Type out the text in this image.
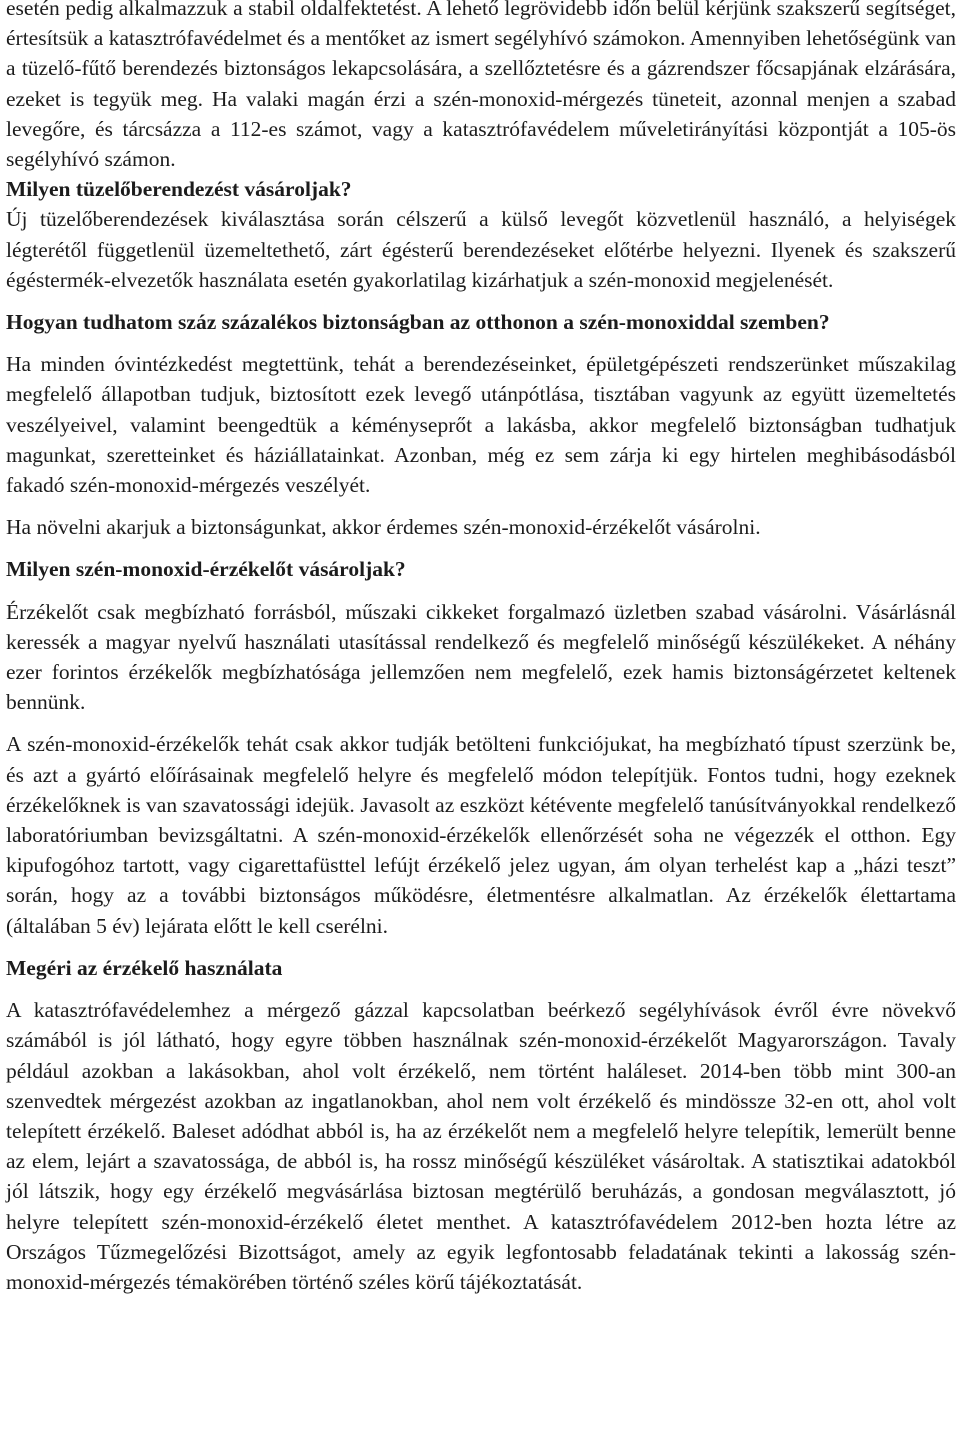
esetén pedig alkalmazzuk a stabil oldalfektetést. A lehető legrövidebb időn belül kérjünk szakszerű segítséget, értesítsük a katasztrófavédelmet és a mentőket az ismert segélyhívó számokon. Amennyiben lehetőségünk van a tüzelő-fűtő berendezés biztonságos lekapcsolására, a szellőztetésre és a gázrendszer főcsapjának elzárására, ezeket is tegyük meg. Ha valaki magán érzi a szén-monoxid-mérgezés tüneteit, azonnal menjen a szabad levegőre, és tárcsázza a 112-es számot, vagy a katasztrófavédelem műveletirányítási központját a 105-ös segélyhívó számon.

Milyen tüzelőberendezést vásároljak?

Új tüzelőberendezések kiválasztása során célszerű a külső levegőt közvetlenül használó, a helyiségek légterétől függetlenül üzemeltethető, zárt égésterű berendezéseket előtérbe helyezni. Ilyenek és szakszerű égéstermék-elvezetők használata esetén gyakorlatilag kizárhatjuk a szén-monoxid megjelenését.

Hogyan tudhatom száz százalékos biztonságban az otthonon a szén-monoxiddal szemben?

Ha minden óvintézkedést megtettünk, tehát a berendezéseinket, épületgépészeti rendszerünket műszakilag megfelelő állapotban tudjuk, biztosított ezek levegő utánpótlása, tisztában vagyunk az együtt üzemeltetés veszélyeivel, valamint beengedtük a kéményseprőt a lakásba, akkor megfelelő biztonságban tudhatjuk magunkat, szeretteinket és háziállatainkat. Azonban, még ez sem zárja ki egy hirtelen meghibásodásból fakadó szén-monoxid-mérgezés veszélyét.

Ha növelni akarjuk a biztonságunkat, akkor érdemes szén-monoxid-érzékelőt vásárolni.

Milyen szén-monoxid-érzékelőt vásároljak?

Érzékelőt csak megbízható forrásból, műszaki cikkeket forgalmazó üzletben szabad vásárolni. Vásárlásnál keressék a magyar nyelvű használati utasítással rendelkező és megfelelő minőségű készülékeket. A néhány ezer forintos érzékelők megbízhatósága jellemzően nem megfelelő, ezek hamis biztonságérzetet keltenek bennünk.

A szén-monoxid-érzékelők tehát csak akkor tudják betölteni funkciójukat, ha megbízható típust szerzünk be, és azt a gyártó előírásainak megfelelő helyre és megfelelő módon telepítjük. Fontos tudni, hogy ezeknek érzékelőknek is van szavatossági idejük. Javasolt az eszközt kétévente megfelelő tanúsítványokkal rendelkező laboratóriumban bevizsgáltatni. A szén-monoxid-érzékelők ellenőrzését soha ne végezzék el otthon. Egy kipufogóhoz tartott, vagy cigarettafüsttel lefújt érzékelő jelez ugyan, ám olyan terhelést kap a „házi teszt” során, hogy az a további biztonságos működésre, életmentésre alkalmatlan. Az érzékelők élettartama (általában 5 év) lejárata előtt le kell cserélni.

Megéri az érzékelő használata

A katasztrófavédelemhez a mérgező gázzal kapcsolatban beérkező segélyhívások évről évre növekvő számából is jól látható, hogy egyre többen használnak szén-monoxid-érzékelőt Magyarországon. Tavaly például azokban a lakásokban, ahol volt érzékelő, nem történt haláleset. 2014-ben több mint 300-an szenvedtek mérgezést azokban az ingatlanokban, ahol nem volt érzékelő és mindössze 32-en ott, ahol volt telepített érzékelő. Baleset adódhat abból is, ha az érzékelőt nem a megfelelő helyre telepítik, lemerült benne az elem, lejárt a szavatossága, de abból is, ha rossz minőségű készüléket vásároltak. A statisztikai adatokból jól látszik, hogy egy érzékelő megvásárlása biztosan megtérülő beruházás, a gondosan megválasztott, jó helyre telepített szén-monoxid-érzékelő életet menthet. A katasztrófavédelem 2012-ben hozta létre az Országos Tűzmegelőzési Bizottságot, amely az egyik legfontosabb feladatának tekinti a lakosság szén-monoxid-mérgezés témakörében történő széles körű tájékoztatását.
